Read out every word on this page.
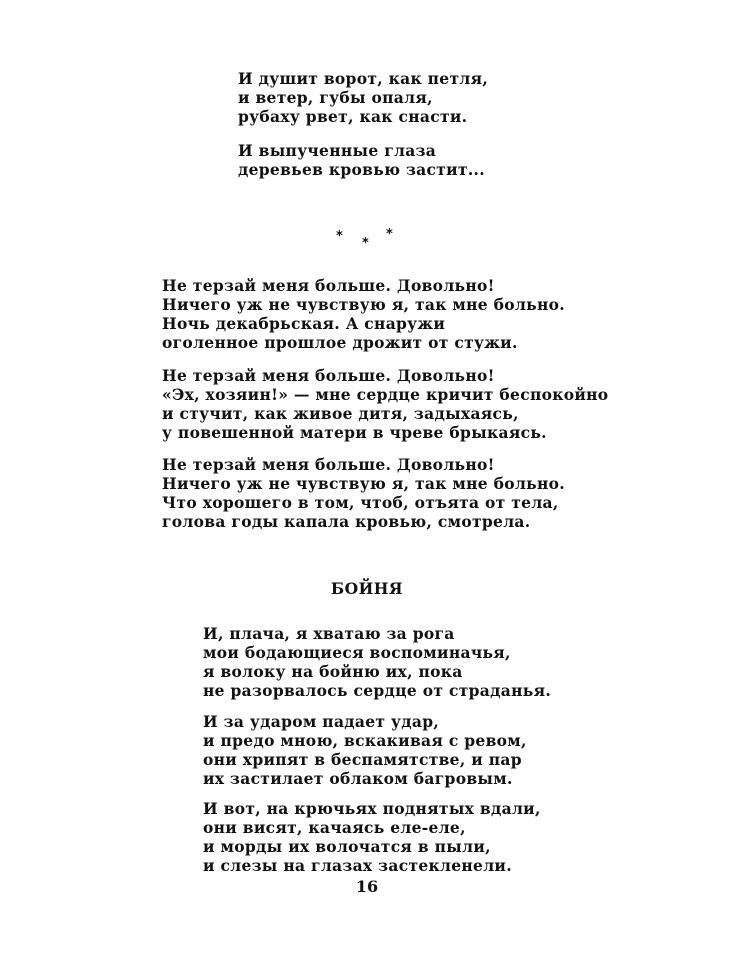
И душит ворот, как петля,
и ветер, губы опаля,
рубаху рвет, как снасти.
И выпученные глаза
деревьев кровью застит...
* *
*
Не терзай меня больше. Довольно!
Ничего уж не чувствую я, так мне больно.
Ночь декабрьская. А снаружи
оголенное прошлое дрожит от стужи.
Не терзай меня больше. Довольно!
«Эх, хозяин!» — мне сердце кричит беспокойно
и стучит, как живое дитя, задыхаясь,
у повешенной матери в чреве брыкаясь.
Не терзай меня больше. Довольно!
Ничего уж не чувствую я, так мне больно.
Что хорошего в том, чтоб, отъята от тела,
голова годы капала кровью, смотрела.
БОЙНЯ
И, плача, я хватаю за рога
мои бодающиеся воспоминачья,
я волоку на бойню их, пока
не разорвалось сердце от страданья.
И за ударом падает удар,
и предо мною, вскакивая с ревом,
они хрипят в беспамятстве, и пар
их застилает облаком багровым.
И вот, на крючьях поднятых вдали,
они висят, качаясь еле-еле,
и морды их волочатся в пыли,
и слезы на глазах застекленели.
16
